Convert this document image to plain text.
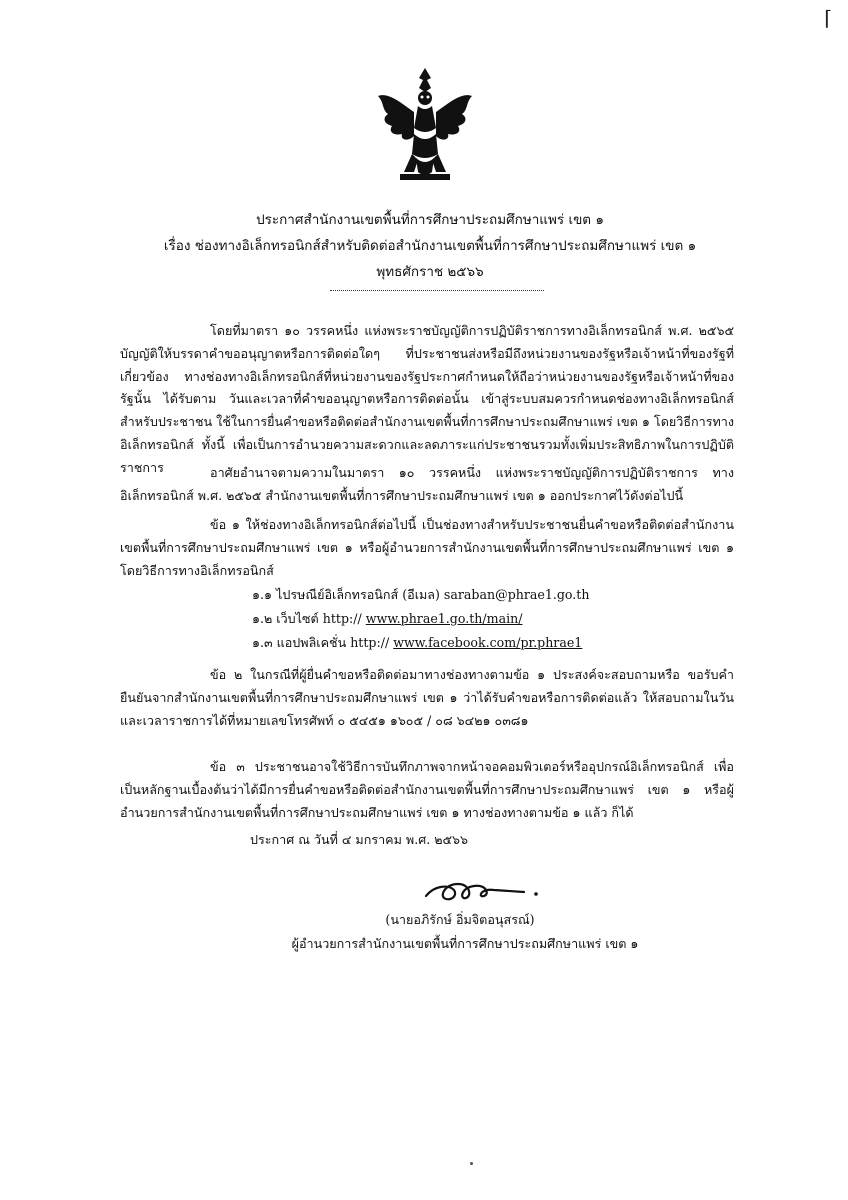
⌈
ประกาศสำนักงานเขตพื้นที่การศึกษาประถมศึกษาแพร่ เขต ๑
เรื่อง ช่องทางอิเล็กทรอนิกส์สำหรับติดต่อสำนักงานเขตพื้นที่การศึกษาประถมศึกษาแพร่ เขต ๑
พุทธศักราช ๒๕๖๖
โดยที่มาตรา ๑๐ วรรคหนึ่ง แห่งพระราชบัญญัติการปฏิบัติราชการทางอิเล็กทรอนิกส์ พ.ศ. ๒๕๖๕ บัญญัติให้บรรดาคำขออนุญาตหรือการติดต่อใดๆ ที่ประชาชนส่งหรือมีถึงหน่วยงานของรัฐหรือเจ้าหน้าที่ของรัฐที่เกี่ยวข้อง ทางช่องทางอิเล็กทรอนิกส์ที่หน่วยงานของรัฐประกาศกำหนดให้ถือว่าหน่วยงานของรัฐหรือเจ้าหน้าที่ของรัฐนั้น ได้รับตาม วันและเวลาที่คำขออนุญาตหรือการติดต่อนั้น เข้าสู่ระบบสมควรกำหนดช่องทางอิเล็กทรอนิกส์สำหรับประชาชน ใช้ในการยื่นคำขอหรือติดต่อสำนักงานเขตพื้นที่การศึกษาประถมศึกษาแพร่ เขต ๑ โดยวิธีการทางอิเล็กทรอนิกส์ ทั้งนี้ เพื่อเป็นการอำนวยความสะดวกและลดภาระแก่ประชาชนรวมทั้งเพิ่มประสิทธิภาพในการปฏิบัติราชการ	อาศัยอำนาจตามความในมาตรา ๑๐ วรรคหนึ่ง แห่งพระราชบัญญัติการปฏิบัติราชการ ทางอิเล็กทรอนิกส์ พ.ศ. ๒๕๖๕ สำนักงานเขตพื้นที่การศึกษาประถมศึกษาแพร่ เขต ๑ ออกประกาศไว้ดังต่อไปนี้
ข้อ ๑ ให้ช่องทางอิเล็กทรอนิกส์ต่อไปนี้ เป็นช่องทางสำหรับประชาชนยื่นคำขอหรือติดต่อสำนักงาน เขตพื้นที่การศึกษาประถมศึกษาแพร่ เขต ๑ หรือผู้อำนวยการสำนักงานเขตพื้นที่การศึกษาประถมศึกษาแพร่ เขต ๑ โดยวิธีการทางอิเล็กทรอนิกส์
๑.๑ ไปรษณีย์อิเล็กทรอนิกส์ (อีเมล) saraban@phrae1.go.th
๑.๒ เว็บไซต์ http:// www.phrae1.go.th/main/
๑.๓ แอปพลิเคชั่น http:// www.facebook.com/pr.phrae1
ข้อ ๒ ในกรณีที่ผู้ยื่นคำขอหรือติดต่อมาทางช่องทางตามข้อ ๑ ประสงค์จะสอบถามหรือ ขอรับคำยืนยันจากสำนักงานเขตพื้นที่การศึกษาประถมศึกษาแพร่ เขต ๑ ว่าได้รับคำขอหรือการติดต่อแล้ว ให้สอบถามในวันและเวลาราชการได้ที่หมายเลขโทรศัพท์ ๐ ๕๔๕๑ ๑๖๐๕ / ๐๘ ๖๔๒๑ ๐๓๘๑
ข้อ ๓ ประชาชนอาจใช้วิธีการบันทึกภาพจากหน้าจอคอมพิวเตอร์หรืออุปกรณ์อิเล็กทรอนิกส์ เพื่อเป็นหลักฐานเบื้องต้นว่าได้มีการยื่นคำขอหรือติดต่อสำนักงานเขตพื้นที่การศึกษาประถมศึกษาแพร่ เขต ๑ หรือผู้อำนวยการสำนักงานเขตพื้นที่การศึกษาประถมศึกษาแพร่ เขต ๑ ทางช่องทางตามข้อ ๑ แล้ว ก็ได้
ประกาศ ณ วันที่ ๔ มกราคม พ.ศ. ๒๕๖๖
(นายอภิรักษ์ อิ่มจิตอนุสรณ์)
ผู้อำนวยการสำนักงานเขตพื้นที่การศึกษาประถมศึกษาแพร่ เขต ๑
